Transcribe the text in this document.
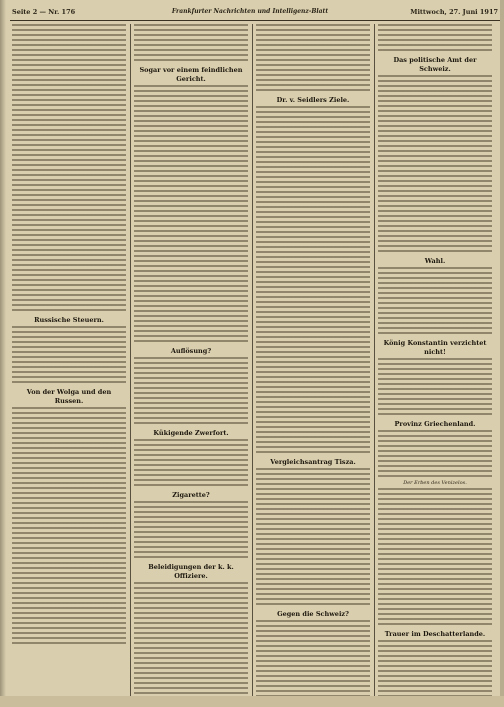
Seite 2 — Nr. 176	Frankfurter Nachrichten und Intelligenz-Blatt	Mittwoch, 27. Juni 1917
Russische Steuern.
Von der Wolga und den Russen.
Sogar vor einem feindlichen Gericht.
Auflösung?
Kükigende Zwerfort.
Zigarette?
Beleidigungen der k. k. Offiziere.
Dr. v. Seidlers Ziele.
Vergleichsantrag Tisza.
Gegen die Schweiz?
Das politische Amt der Schweiz.
Wahl.
König Konstantin verzichtet nicht!
Provinz Griechenland.
Der Erben des Venizelos.
Trauer im Deschatterlande.
